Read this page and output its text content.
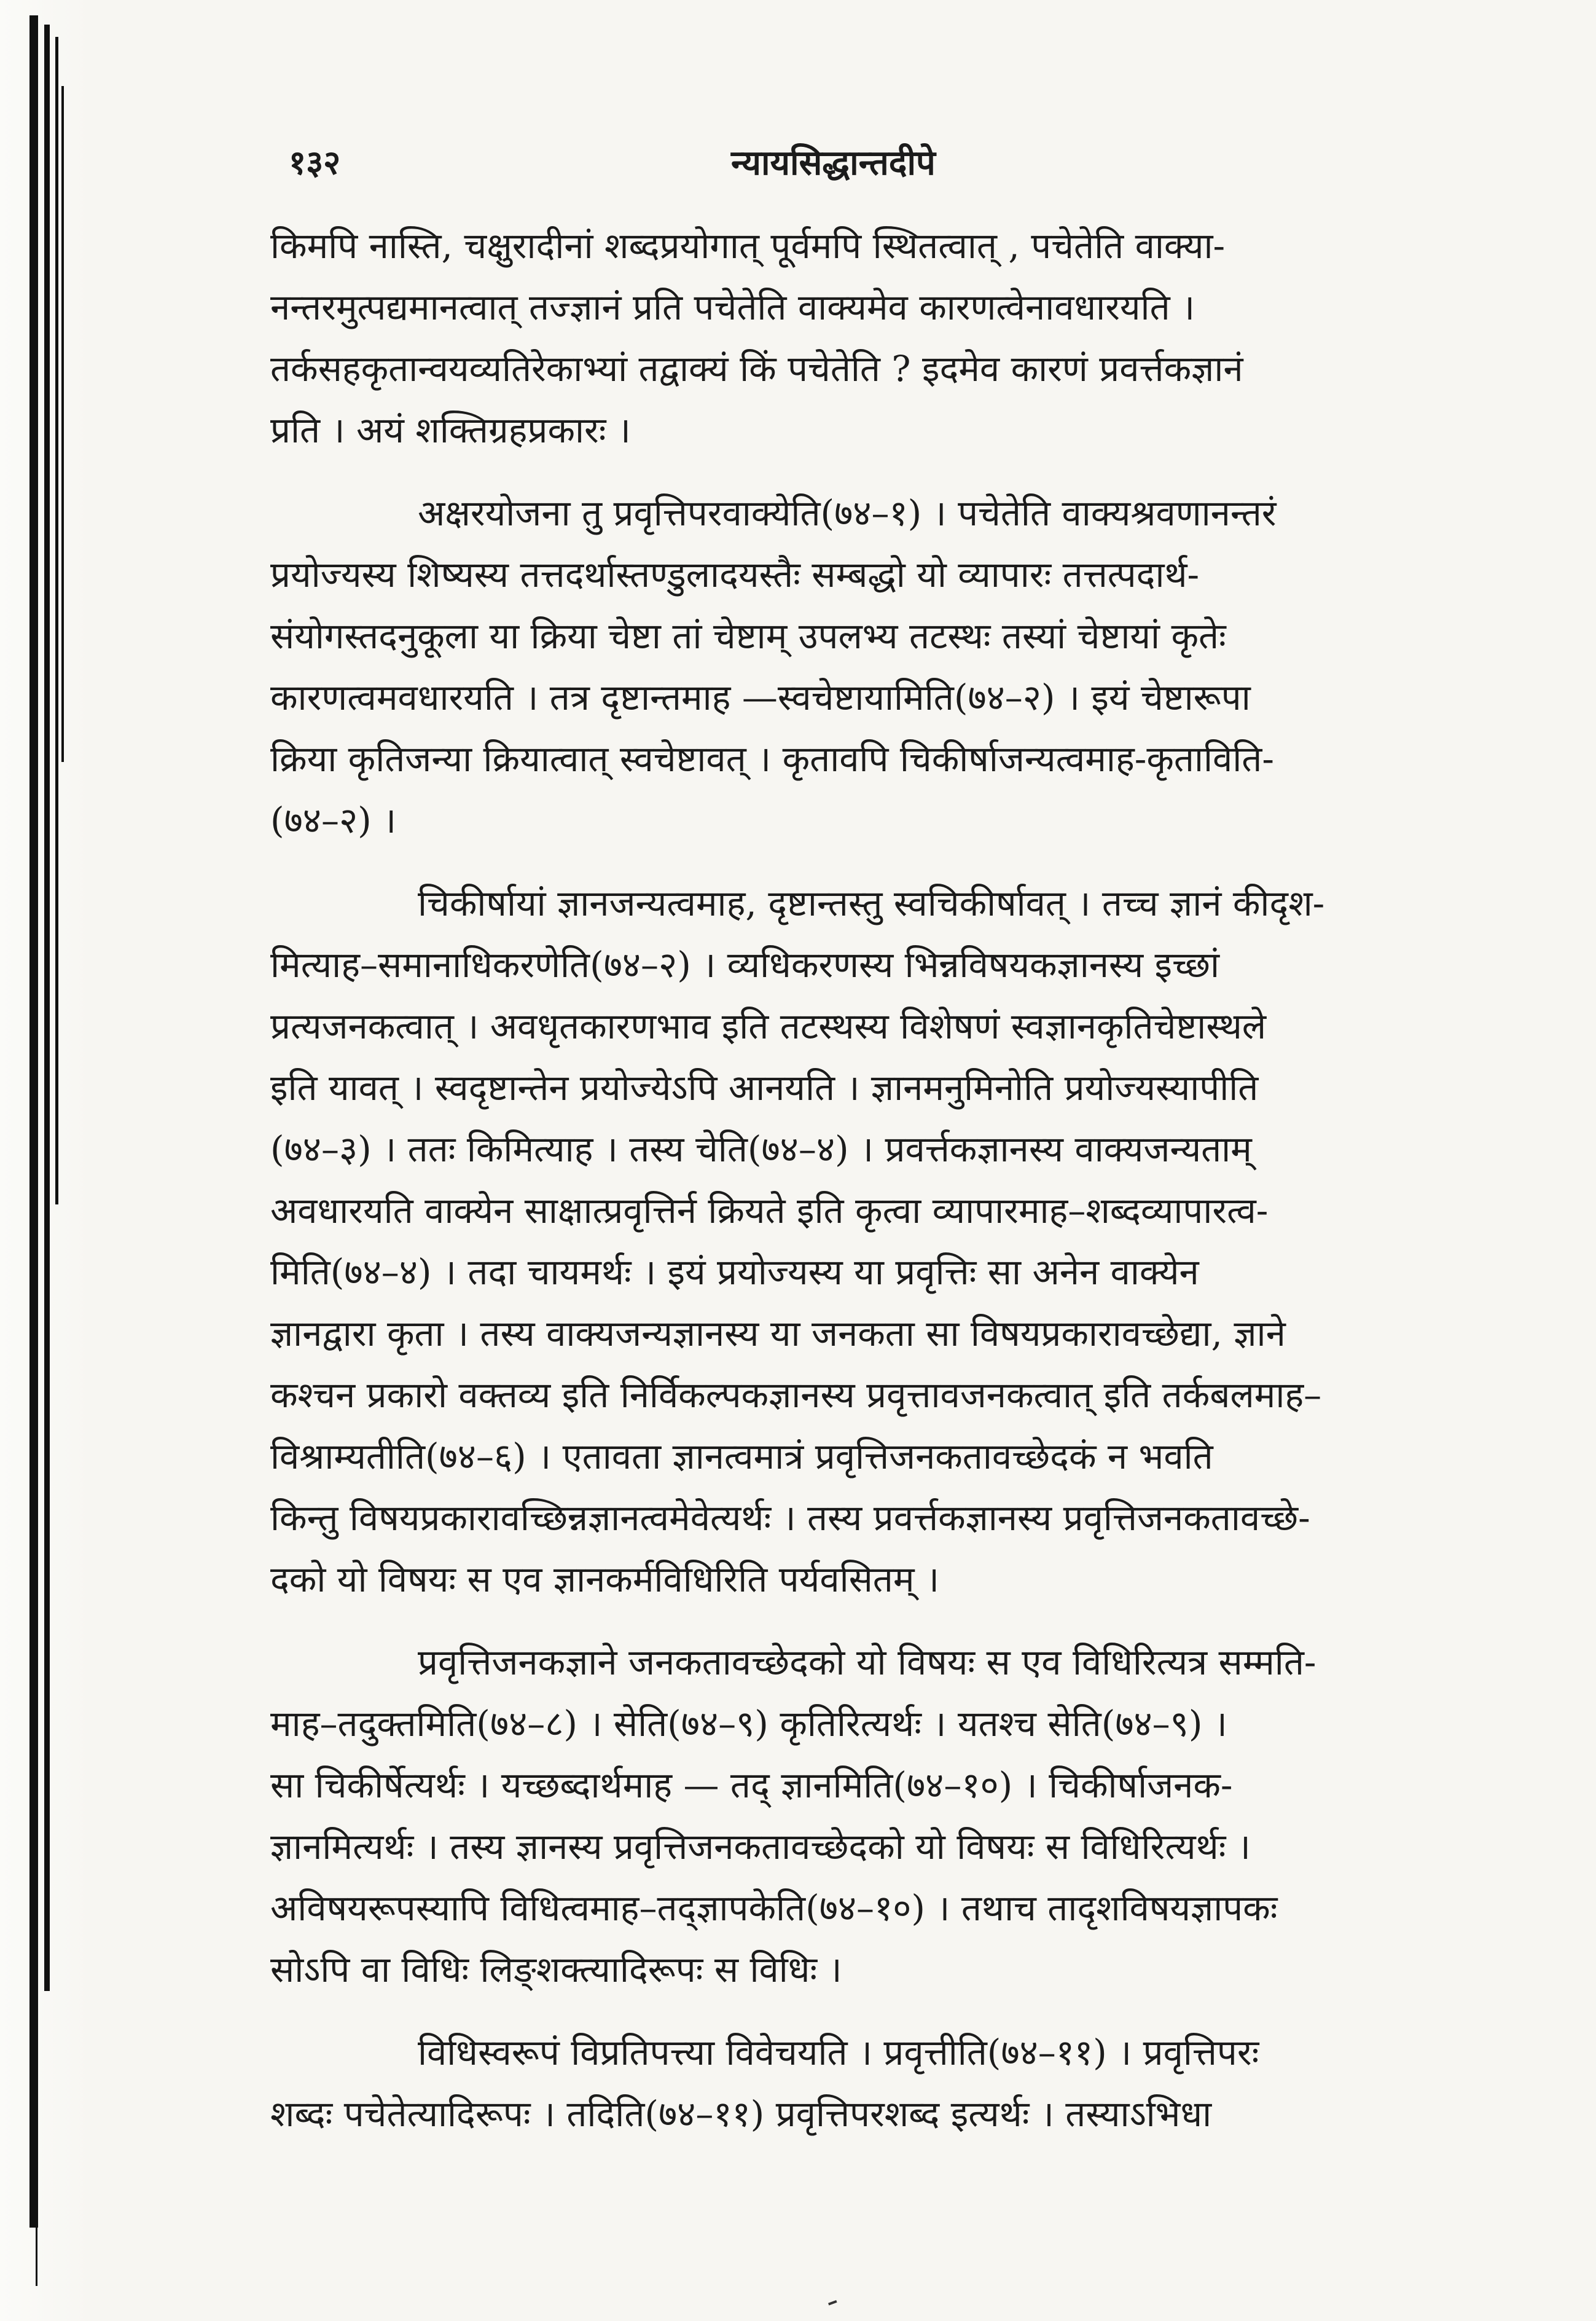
१३२	न्यायसिद्धान्तदीपे
किमपि नास्ति, चक्षुरादीनां शब्दप्रयोगात् पूर्वमपि स्थितत्वात् , पचेतेति वाक्या-
नन्तरमुत्पद्यमानत्वात् तज्ज्ञानं प्रति पचेतेति वाक्यमेव कारणत्वेनावधारयति ।
तर्कसहकृतान्वयव्यतिरेकाभ्यां तद्वाक्यं किं पचेतेति ? इदमेव कारणं प्रवर्त्तकज्ञानं
प्रति । अयं शक्तिग्रहप्रकारः ।
अक्षरयोजना तु प्रवृत्तिपरवाक्येति(७४–१) । पचेतेति वाक्यश्रवणानन्तरं
प्रयोज्यस्य शिष्यस्य तत्तदर्थास्तण्डुलादयस्तैः सम्बद्धो यो व्यापारः तत्तत्पदार्थ-
संयोगस्तदनुकूला या क्रिया चेष्टा तां चेष्टाम् उपलभ्य तटस्थः तस्यां चेष्टायां कृतेः
कारणत्वमवधारयति । तत्र दृष्टान्तमाह —स्वचेष्टायामिति(७४–२) । इयं चेष्टारूपा
क्रिया कृतिजन्या क्रियात्वात् स्वचेष्टावत् । कृतावपि चिकीर्षाजन्यत्वमाह-कृताविति-
(७४–२) ।
चिकीर्षायां ज्ञानजन्यत्वमाह, दृष्टान्तस्तु स्वचिकीर्षावत् । तच्च ज्ञानं कीदृश-
मित्याह–समानाधिकरणेति(७४–२) । व्यधिकरणस्य भिन्नविषयकज्ञानस्य इच्छां
प्रत्यजनकत्वात् । अवधृतकारणभाव इति तटस्थस्य विशेषणं स्वज्ञानकृतिचेष्टास्थले
इति यावत् । स्वदृष्टान्तेन प्रयोज्येऽपि आनयति । ज्ञानमनुमिनोति प्रयोज्यस्यापीति
(७४–३) । ततः किमित्याह । तस्य चेति(७४–४) । प्रवर्त्तकज्ञानस्य वाक्यजन्यताम्
अवधारयति वाक्येन साक्षात्प्रवृत्तिर्न क्रियते इति कृत्वा व्यापारमाह–शब्दव्यापारत्व-
मिति(७४–४) । तदा चायमर्थः । इयं प्रयोज्यस्य या प्रवृत्तिः सा अनेन वाक्येन
ज्ञानद्वारा कृता । तस्य वाक्यजन्यज्ञानस्य या जनकता सा विषयप्रकारावच्छेद्या, ज्ञाने
कश्चन प्रकारो वक्तव्य इति निर्विकल्पकज्ञानस्य प्रवृत्तावजनकत्वात् इति तर्कबलमाह–
विश्राम्यतीति(७४–६) । एतावता ज्ञानत्वमात्रं प्रवृत्तिजनकतावच्छेदकं न भवति
किन्तु विषयप्रकारावच्छिन्नज्ञानत्वमेवेत्यर्थः । तस्य प्रवर्त्तकज्ञानस्य प्रवृत्तिजनकतावच्छे-
दको यो विषयः स एव ज्ञानकर्मविधिरिति पर्यवसितम् ।
प्रवृत्तिजनकज्ञाने जनकतावच्छेदको यो विषयः स एव विधिरित्यत्र सम्मति-
माह–तदुक्तमिति(७४–८) । सेति(७४–९) कृतिरित्यर्थः । यतश्च सेति(७४–९) ।
सा चिकीर्षेत्यर्थः । यच्छब्दार्थमाह — तद् ज्ञानमिति(७४–१०) । चिकीर्षाजनक-
ज्ञानमित्यर्थः । तस्य ज्ञानस्य प्रवृत्तिजनकतावच्छेदको यो विषयः स विधिरित्यर्थः ।
अविषयरूपस्यापि विधित्वमाह–तद्ज्ञापकेति(७४–१०) । तथाच तादृशविषयज्ञापकः
सोऽपि वा विधिः लिङ्शक्त्यादिरूपः स विधिः ।
विधिस्वरूपं विप्रतिपत्त्या विवेचयति । प्रवृत्तीति(७४–११) । प्रवृत्तिपरः
शब्दः पचेतेत्यादिरूपः । तदिति(७४–११) प्रवृत्तिपरशब्द इत्यर्थः । तस्याऽभिधा
